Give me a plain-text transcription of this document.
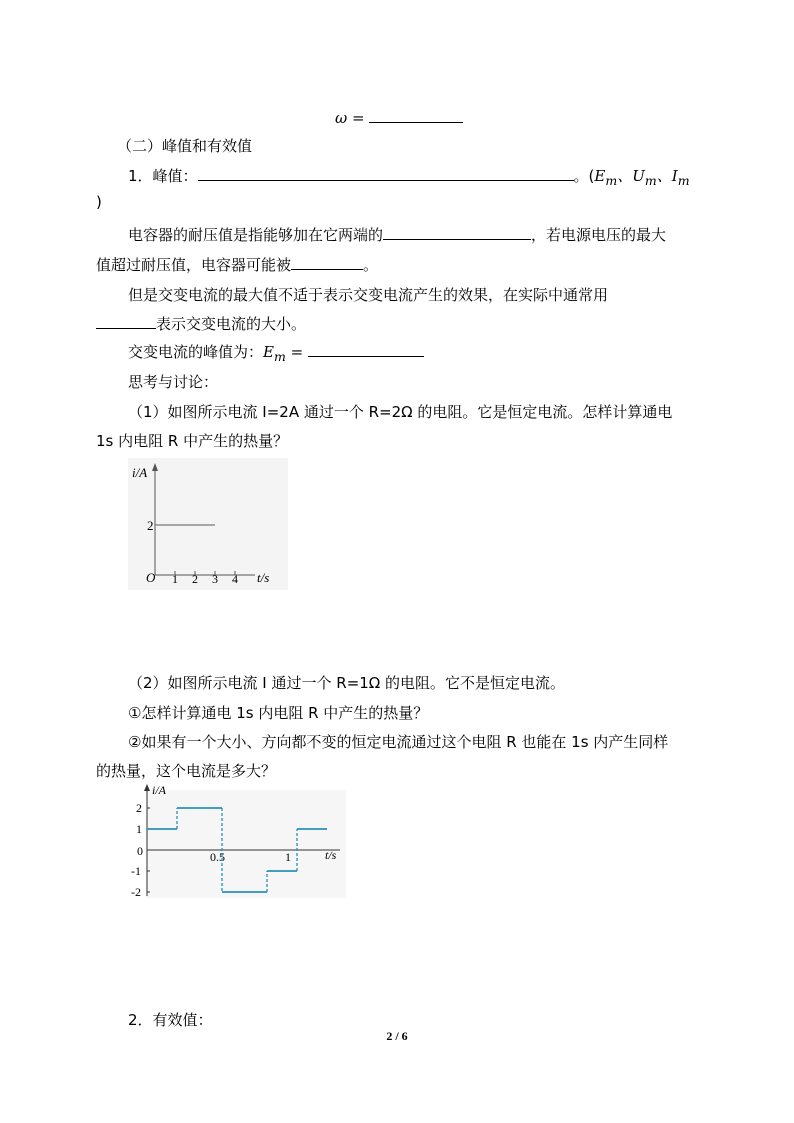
ω =
（二）峰值和有效值
1．峰值：	。($E_m$、$U_m$、$I_m$
)
电容器的耐压值是指能够加在它两端的	，若电源电压的最大
值超过耐压值，电容器可能被	。
但是交变电流的最大值不适于表示交变电流产生的效果，在实际中通常用
表示交变电流的大小。
交变电流的峰值为：$E_m$ =
思考与讨论：
（1）如图所示电流 I=2A 通过一个 R=2Ω 的电阻。它是恒定电流。怎样计算通电
1s 内电阻 R 中产生的热量？
i/A
t/s
O 1 2 3 4
2
（2）如图所示电流 I 通过一个 R=1Ω 的电阻。它不是恒定电流。
①怎样计算通电 1s 内电阻 R 中产生的热量？
②如果有一个大小、方向都不变的恒定电流通过这个电阻 R 也能在 1s 内产生同样
的热量，这个电流是多大？
i/A
t/s
0
2
1
-1
-2
0.5	1
2．有效值：
2 / 6
